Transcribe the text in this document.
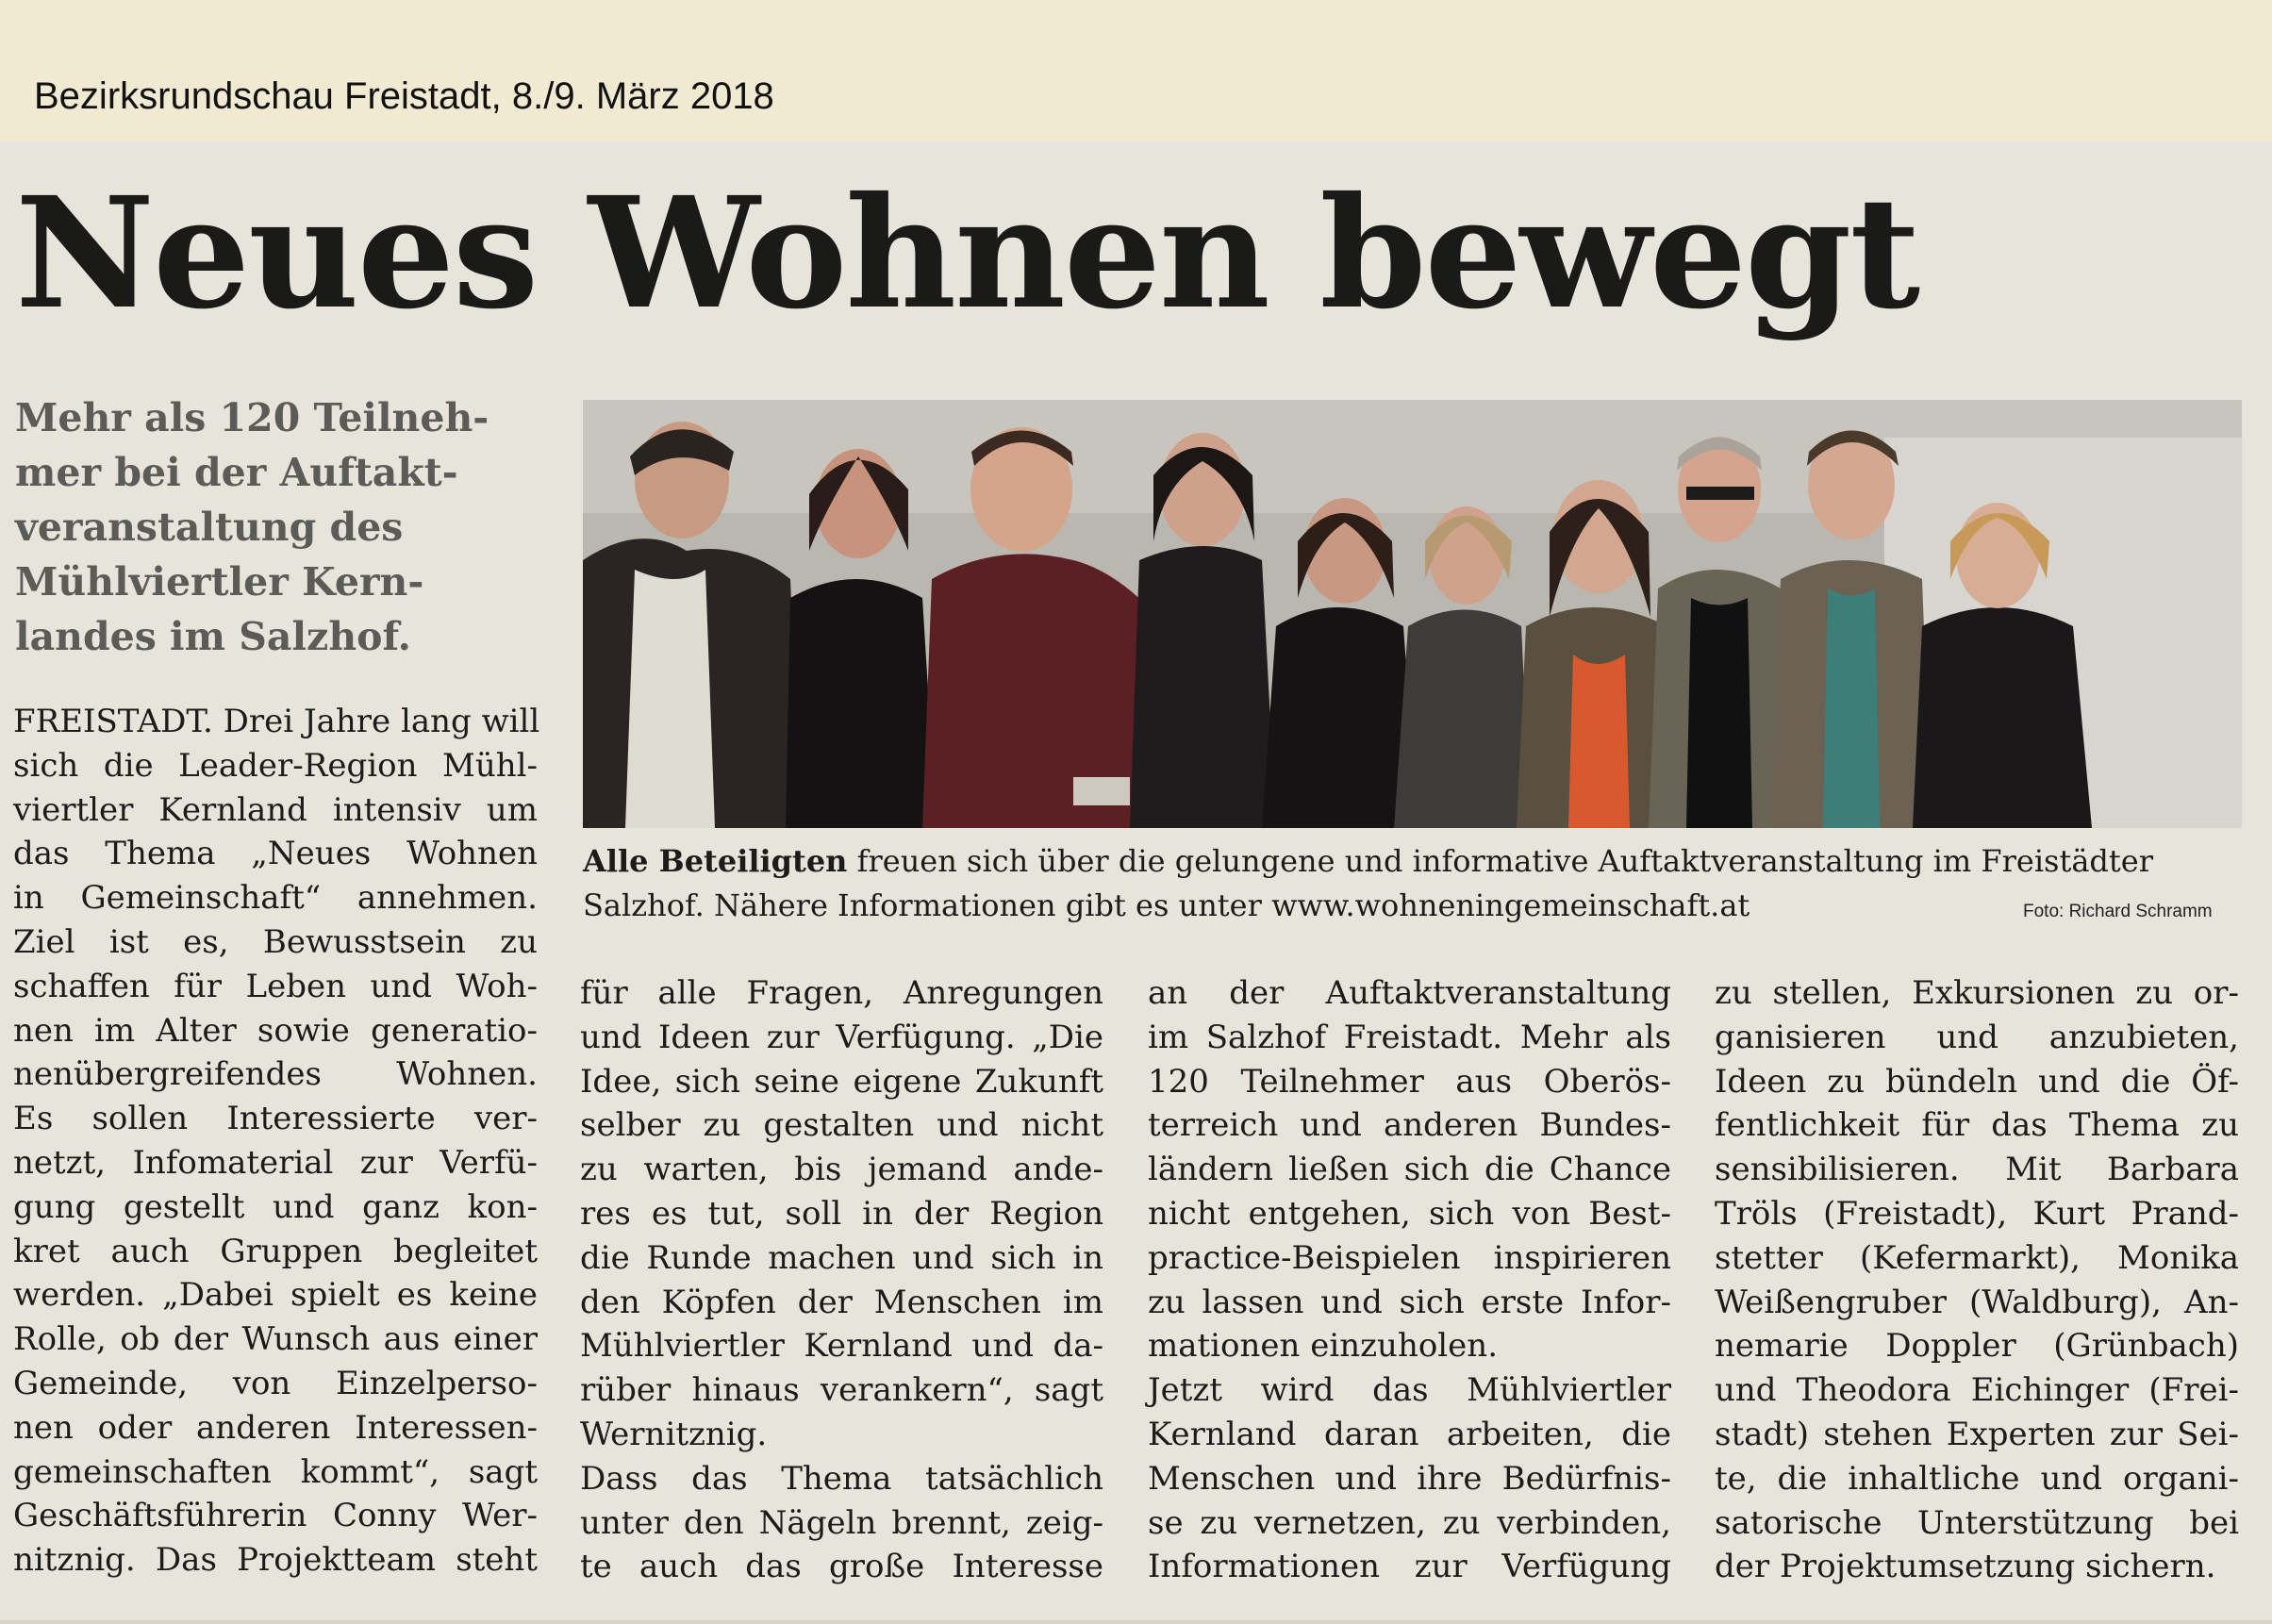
Bezirksrundschau Freistadt, 8./9. März 2018
Neues Wohnen bewegt
Mehr als 120 Teilneh-
mer bei der Auftakt-
veranstaltung des
Mühlviertler Kern-
landes im Salzhof.
Alle Beteiligten freuen sich über die gelungene und informative Auftaktveranstaltung im Freistädter
Salzhof. Nähere Informationen gibt es unter www.wohneningemeinschaft.at	Foto: Richard Schramm
FREISTADT. Drei Jahre lang will
sich die Leader-Region Mühl-
viertler Kernland intensiv um
das Thema „Neues Wohnen
in Gemeinschaft“ annehmen.
Ziel ist es, Bewusstsein zu
schaffen für Leben und Woh-
nen im Alter sowie generatio-
nenübergreifendes Wohnen.
Es sollen Interessierte ver-
netzt, Infomaterial zur Verfü-
gung gestellt und ganz kon-
kret auch Gruppen begleitet
werden. „Dabei spielt es keine
Rolle, ob der Wunsch aus einer
Gemeinde, von Einzelperso-
nen oder anderen Interessen-
gemeinschaften kommt“, sagt
Geschäftsführerin Conny Wer-
nitznig. Das Projektteam steht
für alle Fragen, Anregungen
und Ideen zur Verfügung. „Die
Idee, sich seine eigene Zukunft
selber zu gestalten und nicht
zu warten, bis jemand ande-
res es tut, soll in der Region
die Runde machen und sich in
den Köpfen der Menschen im
Mühlviertler Kernland und da-
rüber hinaus verankern“, sagt
Wernitznig.
Dass das Thema tatsächlich
unter den Nägeln brennt, zeig-
te auch das große Interesse
an der Auftaktveranstaltung
im Salzhof Freistadt. Mehr als
120 Teilnehmer aus Oberös-
terreich und anderen Bundes-
ländern ließen sich die Chance
nicht entgehen, sich von Best-
practice-Beispielen inspirieren
zu lassen und sich erste Infor-
mationen einzuholen.
Jetzt wird das Mühlviertler
Kernland daran arbeiten, die
Menschen und ihre Bedürfnis-
se zu vernetzen, zu verbinden,
Informationen zur Verfügung
zu stellen, Exkursionen zu or-
ganisieren und anzubieten,
Ideen zu bündeln und die Öf-
fentlichkeit für das Thema zu
sensibilisieren. Mit Barbara
Tröls (Freistadt), Kurt Prand-
stetter (Kefermarkt), Monika
Weißengruber (Waldburg), An-
nemarie Doppler (Grünbach)
und Theodora Eichinger (Frei-
stadt) stehen Experten zur Sei-
te, die inhaltliche und organi-
satorische Unterstützung bei
der Projektumsetzung sichern.
